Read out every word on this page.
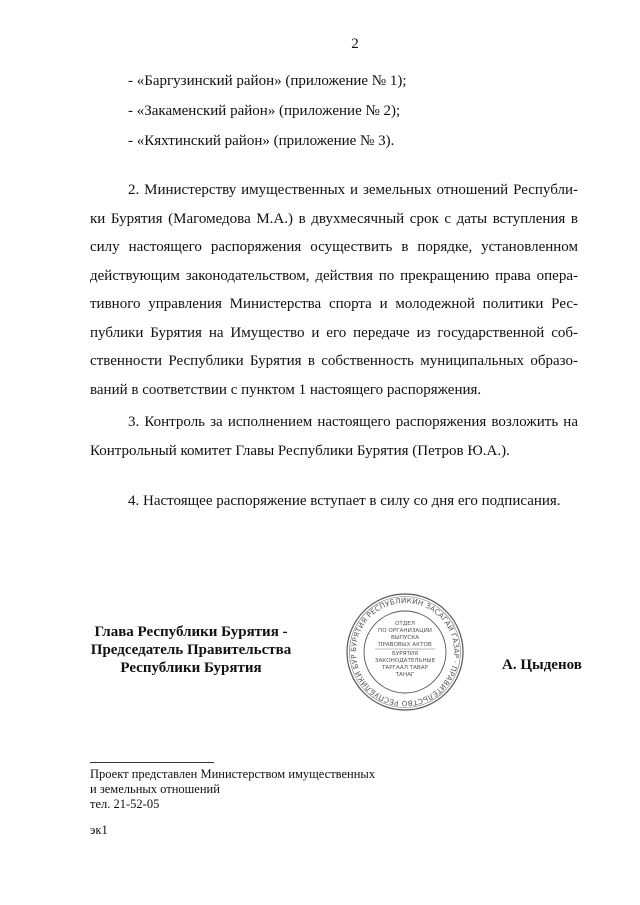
2
- «Баргузинский район» (приложение № 1);
- «Закаменский район» (приложение № 2);
- «Кяхтинский район» (приложение № 3).
2. Министерству имущественных и земельных отношений Республи-
ки Бурятия (Магомедова М.А.) в двухмесячный срок с даты вступления в
силу настоящего распоряжения осуществить в порядке, установленном
действующим законодательством, действия по прекращению права опера-
тивного управления Министерства спорта и молодежной политики Рес-
публики Бурятия на Имущество и его передаче из государственной соб-
ственности Республики Бурятия в собственность муниципальных образо-
ваний в соответствии с пунктом 1 настоящего распоряжения.
3. Контроль за исполнением настоящего распоряжения возложить на
Контрольный комитет Главы Республики Бурятия (Петров Ю.А.).
4. Настоящее распоряжение вступает в силу со дня его подписания.
Глава Республики Бурятия -
Председатель Правительства
Республики Бурятия
БУРЯТИЯ РЕСПУБЛИКИН ЗАСАГАЙ ГАЗАР · ПРАВИТЕЛЬСТВО РЕСПУБЛИКИ БУР
ОТДЕЛ
ПО ОРГАНИЗАЦИИ
ВЫПУСКА
ПРАВОВЫХ АКТОВ
БУРЯТИЯ
ЗАКОНОДАТЕЛЬНЫЕ
ТАРГААЛ ТАВАР
ТАНАГ
А. Цыденов
Проект представлен Министерством имущественных
и земельных отношений
тел. 21-52-05
эк1
